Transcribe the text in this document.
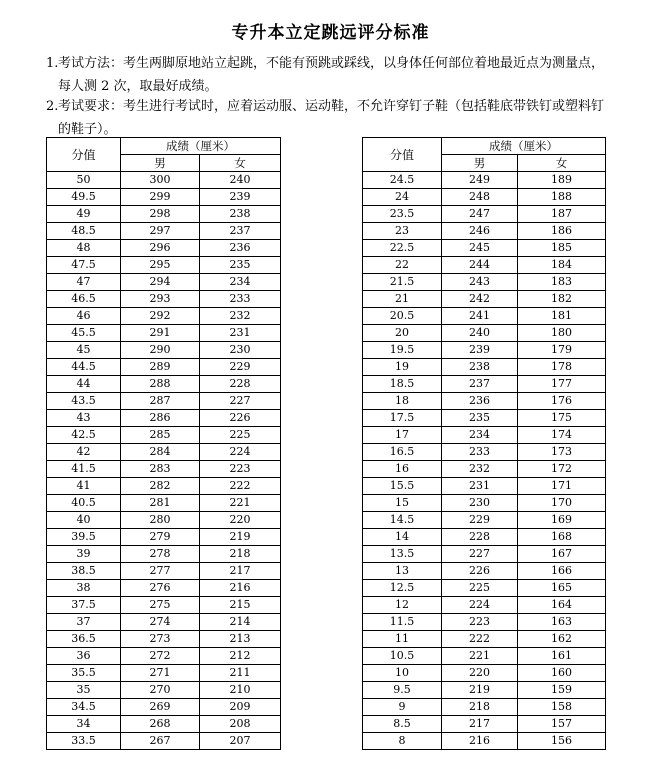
专升本立定跳远评分标准
1. 考试方法：考生两脚原地站立起跳，不能有预跳或踩线，以身体任何部位着地最近点为测量点，每人测 2 次，取最好成绩。
2. 考试要求：考生进行考试时，应着运动服、运动鞋，不允许穿钉子鞋（包括鞋底带铁钉或塑料钉的鞋子）。
分值	成绩（厘米）	
	男	女
50	300	240
49.5	299	239
49	298	238
48.5	297	237
48	296	236
47.5	295	235
47	294	234
46.5	293	233
46	292	232
45.5	291	231
45	290	230
44.5	289	229
44	288	228
43.5	287	227
43	286	226
42.5	285	225
42	284	224
41.5	283	223
41	282	222
40.5	281	221
40	280	220
39.5	279	219
39	278	218
38.5	277	217
38	276	216
37.5	275	215
37	274	214
36.5	273	213
36	272	212
35.5	271	211
35	270	210
34.5	269	209
34	268	208
33.5	267	207
分值	成绩（厘米）	
	男	女
24.5	249	189
24	248	188
23.5	247	187
23	246	186
22.5	245	185
22	244	184
21.5	243	183
21	242	182
20.5	241	181
20	240	180
19.5	239	179
19	238	178
18.5	237	177
18	236	176
17.5	235	175
17	234	174
16.5	233	173
16	232	172
15.5	231	171
15	230	170
14.5	229	169
14	228	168
13.5	227	167
13	226	166
12.5	225	165
12	224	164
11.5	223	163
11	222	162
10.5	221	161
10	220	160
9.5	219	159
9	218	158
8.5	217	157
8	216	156
